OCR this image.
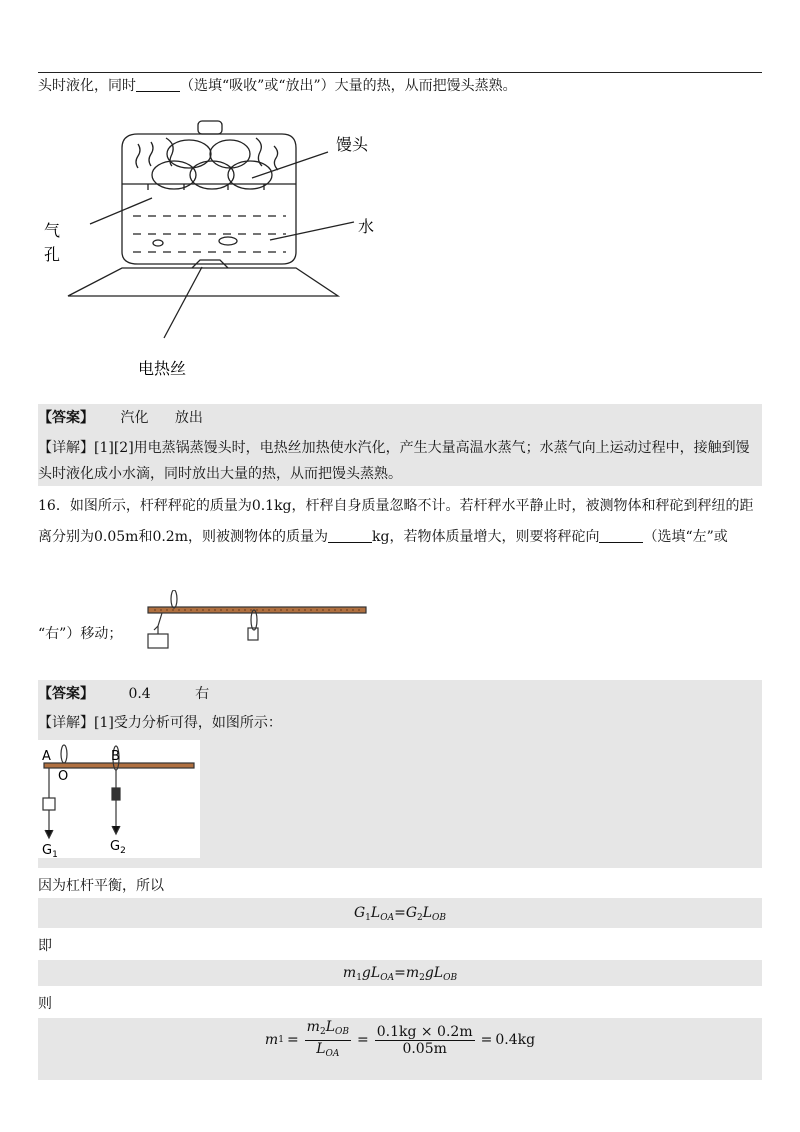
头时液化，同时	（选填“吸收”或“放出”）大量的热，从而把馒头蒸熟。
馒头
水
气
孔
电热丝
【答案】 汽化 放出
【详解】[1][2]用电蒸锅蒸馒头时，电热丝加热使水汽化，产生大量高温水蒸气；水蒸气向上运动过程中，接触到馒
头时液化成小水滴，同时放出大量的热，从而把馒头蒸熟。
16．如图所示，杆秤秤砣的质量为0.1kg，杆秤自身质量忽略不计。若杆秤水平静止时，被测物体和秤砣到秤纽的距
离分别为0.05m和0.2m，则被测物体的质量为	kg，若物体质量增大，则要将秤砣向	（选填“左”或
“右”）移动；
【答案】 0.4	右
【详解】[1]受力分析可得，如图所示：
A
O
B
$G_1$
$G_2$
因为杠杆平衡，所以
$G_1L_{OA}=G_2L_{OB}$
即
$m_1gL_{OA}=m_2gL_{OB}$
则
m $1 = \frac{m_2L_{OB}}{L_{OA}} = \frac{0.1kg \times 0.2m}{0.05m} = 0.4kg$
